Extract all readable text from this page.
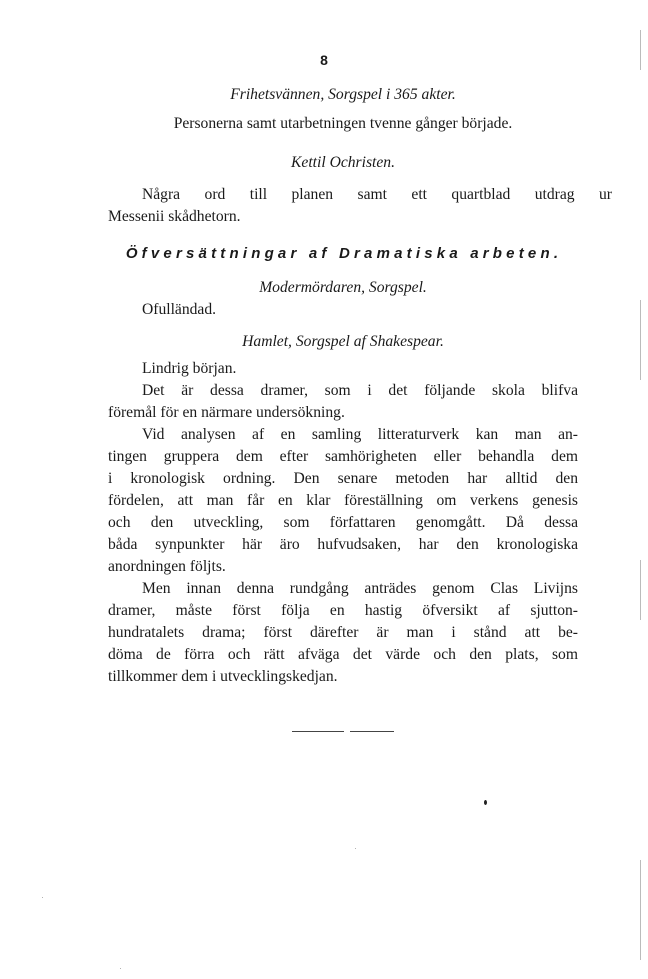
8
Frihetsvännen, Sorgspel i 365 akter.
Personerna samt utarbetningen tvenne gånger började.
Kettil Ochristen.
Några ord till planen samt ett quartblad utdrag ur
Messenii skådhetorn.
Öfversättningar af Dramatiska arbeten.
Modermördaren, Sorgspel.
Ofulländad.
Hamlet, Sorgspel af Shakespear.
Lindrig början.
Det är dessa dramer, som i det följande skola blifva
föremål för en närmare undersökning.
Vid analysen af en samling litteraturverk kan man an-
tingen gruppera dem efter samhörigheten eller behandla dem
i kronologisk ordning. Den senare metoden har alltid den
fördelen, att man får en klar föreställning om verkens genesis
och den utveckling, som författaren genomgått. Då dessa
båda synpunkter här äro hufvudsaken, har den kronologiska
anordningen följts.
Men innan denna rundgång anträdes genom Clas Livijns
dramer, måste först följa en hastig öfversikt af sjutton-
hundratalets drama; först därefter är man i stånd att be-
döma de förra och rätt afväga det värde och den plats, som
tillkommer dem i utvecklingskedjan.
